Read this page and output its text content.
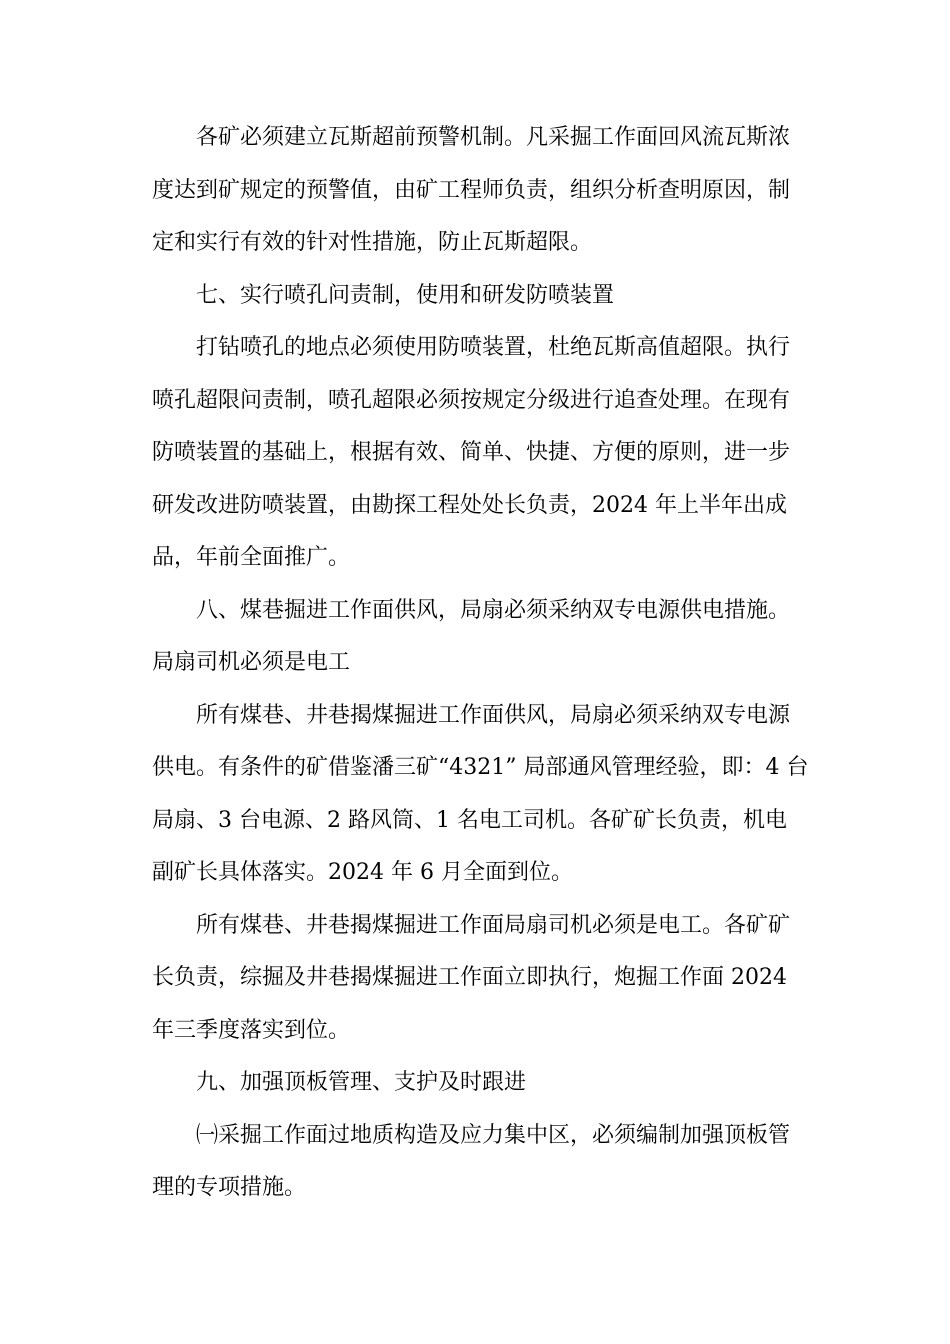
各矿必须建立瓦斯超前预警机制。凡采掘工作面回风流瓦斯浓
度达到矿规定的预警值，由矿工程师负责，组织分析查明原因，制
定和实行有效的针对性措施，防止瓦斯超限。

七、实行喷孔问责制，使用和研发防喷装置

打钻喷孔的地点必须使用防喷装置，杜绝瓦斯高值超限。执行
喷孔超限问责制，喷孔超限必须按规定分级进行追查处理。在现有
防喷装置的基础上，根据有效、简单、快捷、方便的原则，进一步
研发改进防喷装置，由勘探工程处处长负责，2024 年上半年出成
品，年前全面推广。

八、煤巷掘进工作面供风，局扇必须采纳双专电源供电措施。
局扇司机必须是电工

所有煤巷、井巷揭煤掘进工作面供风，局扇必须采纳双专电源
供电。有条件的矿借鉴潘三矿“4321” 局部通风管理经验，即：4 台
局扇、3 台电源、2 路风筒、1 名电工司机。各矿矿长负责，机电
副矿长具体落实。2024 年 6 月全面到位。

所有煤巷、井巷揭煤掘进工作面局扇司机必须是电工。各矿矿
长负责，综掘及井巷揭煤掘进工作面立即执行，炮掘工作面 2024
年三季度落实到位。

九、加强顶板管理、支护及时跟进

㈠采掘工作面过地质构造及应力集中区，必须编制加强顶板管
理的专项措施。
